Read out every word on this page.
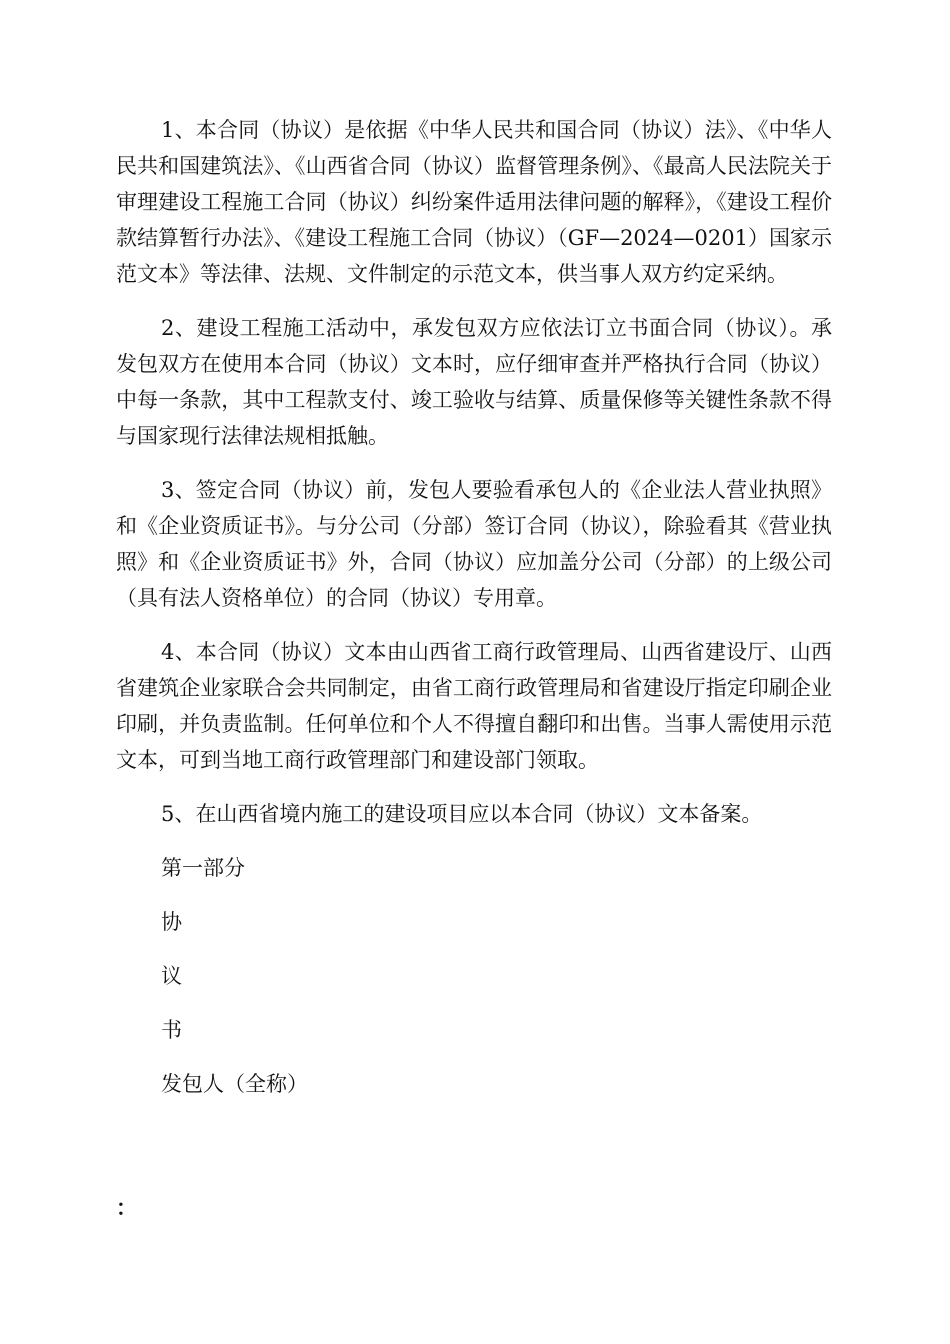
1、本合同（协议）是依据《中华人民共和国合同（协议）法》、《中华人民共和国建筑法》、《山西省合同（协议）监督管理条例》、《最高人民法院关于审理建设工程施工合同（协议）纠纷案件适用法律问题的解释》，《建设工程价款结算暂行办法》、《建设工程施工合同（协议）（GF—2024—0201）国家示范文本》等法律、法规、文件制定的示范文本，供当事人双方约定采纳。

2、建设工程施工活动中，承发包双方应依法订立书面合同（协议）。承发包双方在使用本合同（协议）文本时，应仔细审查并严格执行合同（协议）中每一条款，其中工程款支付、竣工验收与结算、质量保修等关键性条款不得与国家现行法律法规相抵触。

3、签定合同（协议）前，发包人要验看承包人的《企业法人营业执照》和《企业资质证书》。与分公司（分部）签订合同（协议），除验看其《营业执照》和《企业资质证书》外，合同（协议）应加盖分公司（分部）的上级公司（具有法人资格单位）的合同（协议）专用章。

4、本合同（协议）文本由山西省工商行政管理局、山西省建设厅、山西省建筑企业家联合会共同制定，由省工商行政管理局和省建设厅指定印刷企业印刷，并负责监制。任何单位和个人不得擅自翻印和出售。当事人需使用示范文本，可到当地工商行政管理部门和建设部门领取。

5、在山西省境内施工的建设项目应以本合同（协议）文本备案。

第一部分

协

议

书

发包人（全称）

：
